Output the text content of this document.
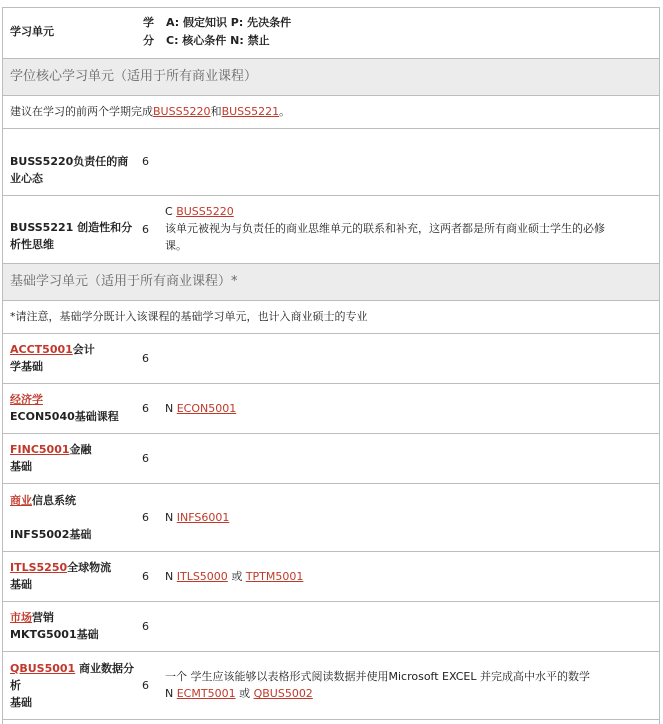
学习单元
学
分
A: 假定知识 P: 先决条件
C: 核心条件 N: 禁止
学位核心学习单元（适用于所有商业课程）
建议在学习的前两个学期完成BUSS5220和BUSS5221。
BUSS5220负责任的商
业心态
6
BUSS5221 创造性和分
析性思维
6
C BUSS5220
该单元被视为与负责任的商业思维单元的联系和补充，这两者都是所有商业硕士学生的必修
课。
基础学习单元（适用于所有商业课程）*
*请注意，基础学分既计入该课程的基础学习单元，也计入商业硕士的专业
ACCT5001会计
学基础
6
经济学
ECON5040基础课程
6 N ECON5001
FINC5001金融
基础
6
商业信息系统
INFS5002基础
6 N INFS6001
ITLS5250全球物流
基础
6 N ITLS5000 或 TPTM5001
市场营销
MKTG5001基础
6
QBUS5001 商业数据分
析
基础
6
一个 学生应该能够以表格形式阅读数据并使用Microsoft EXCEL 并完成高中水平的数学
N ECMT5001 或 QBUS5002
